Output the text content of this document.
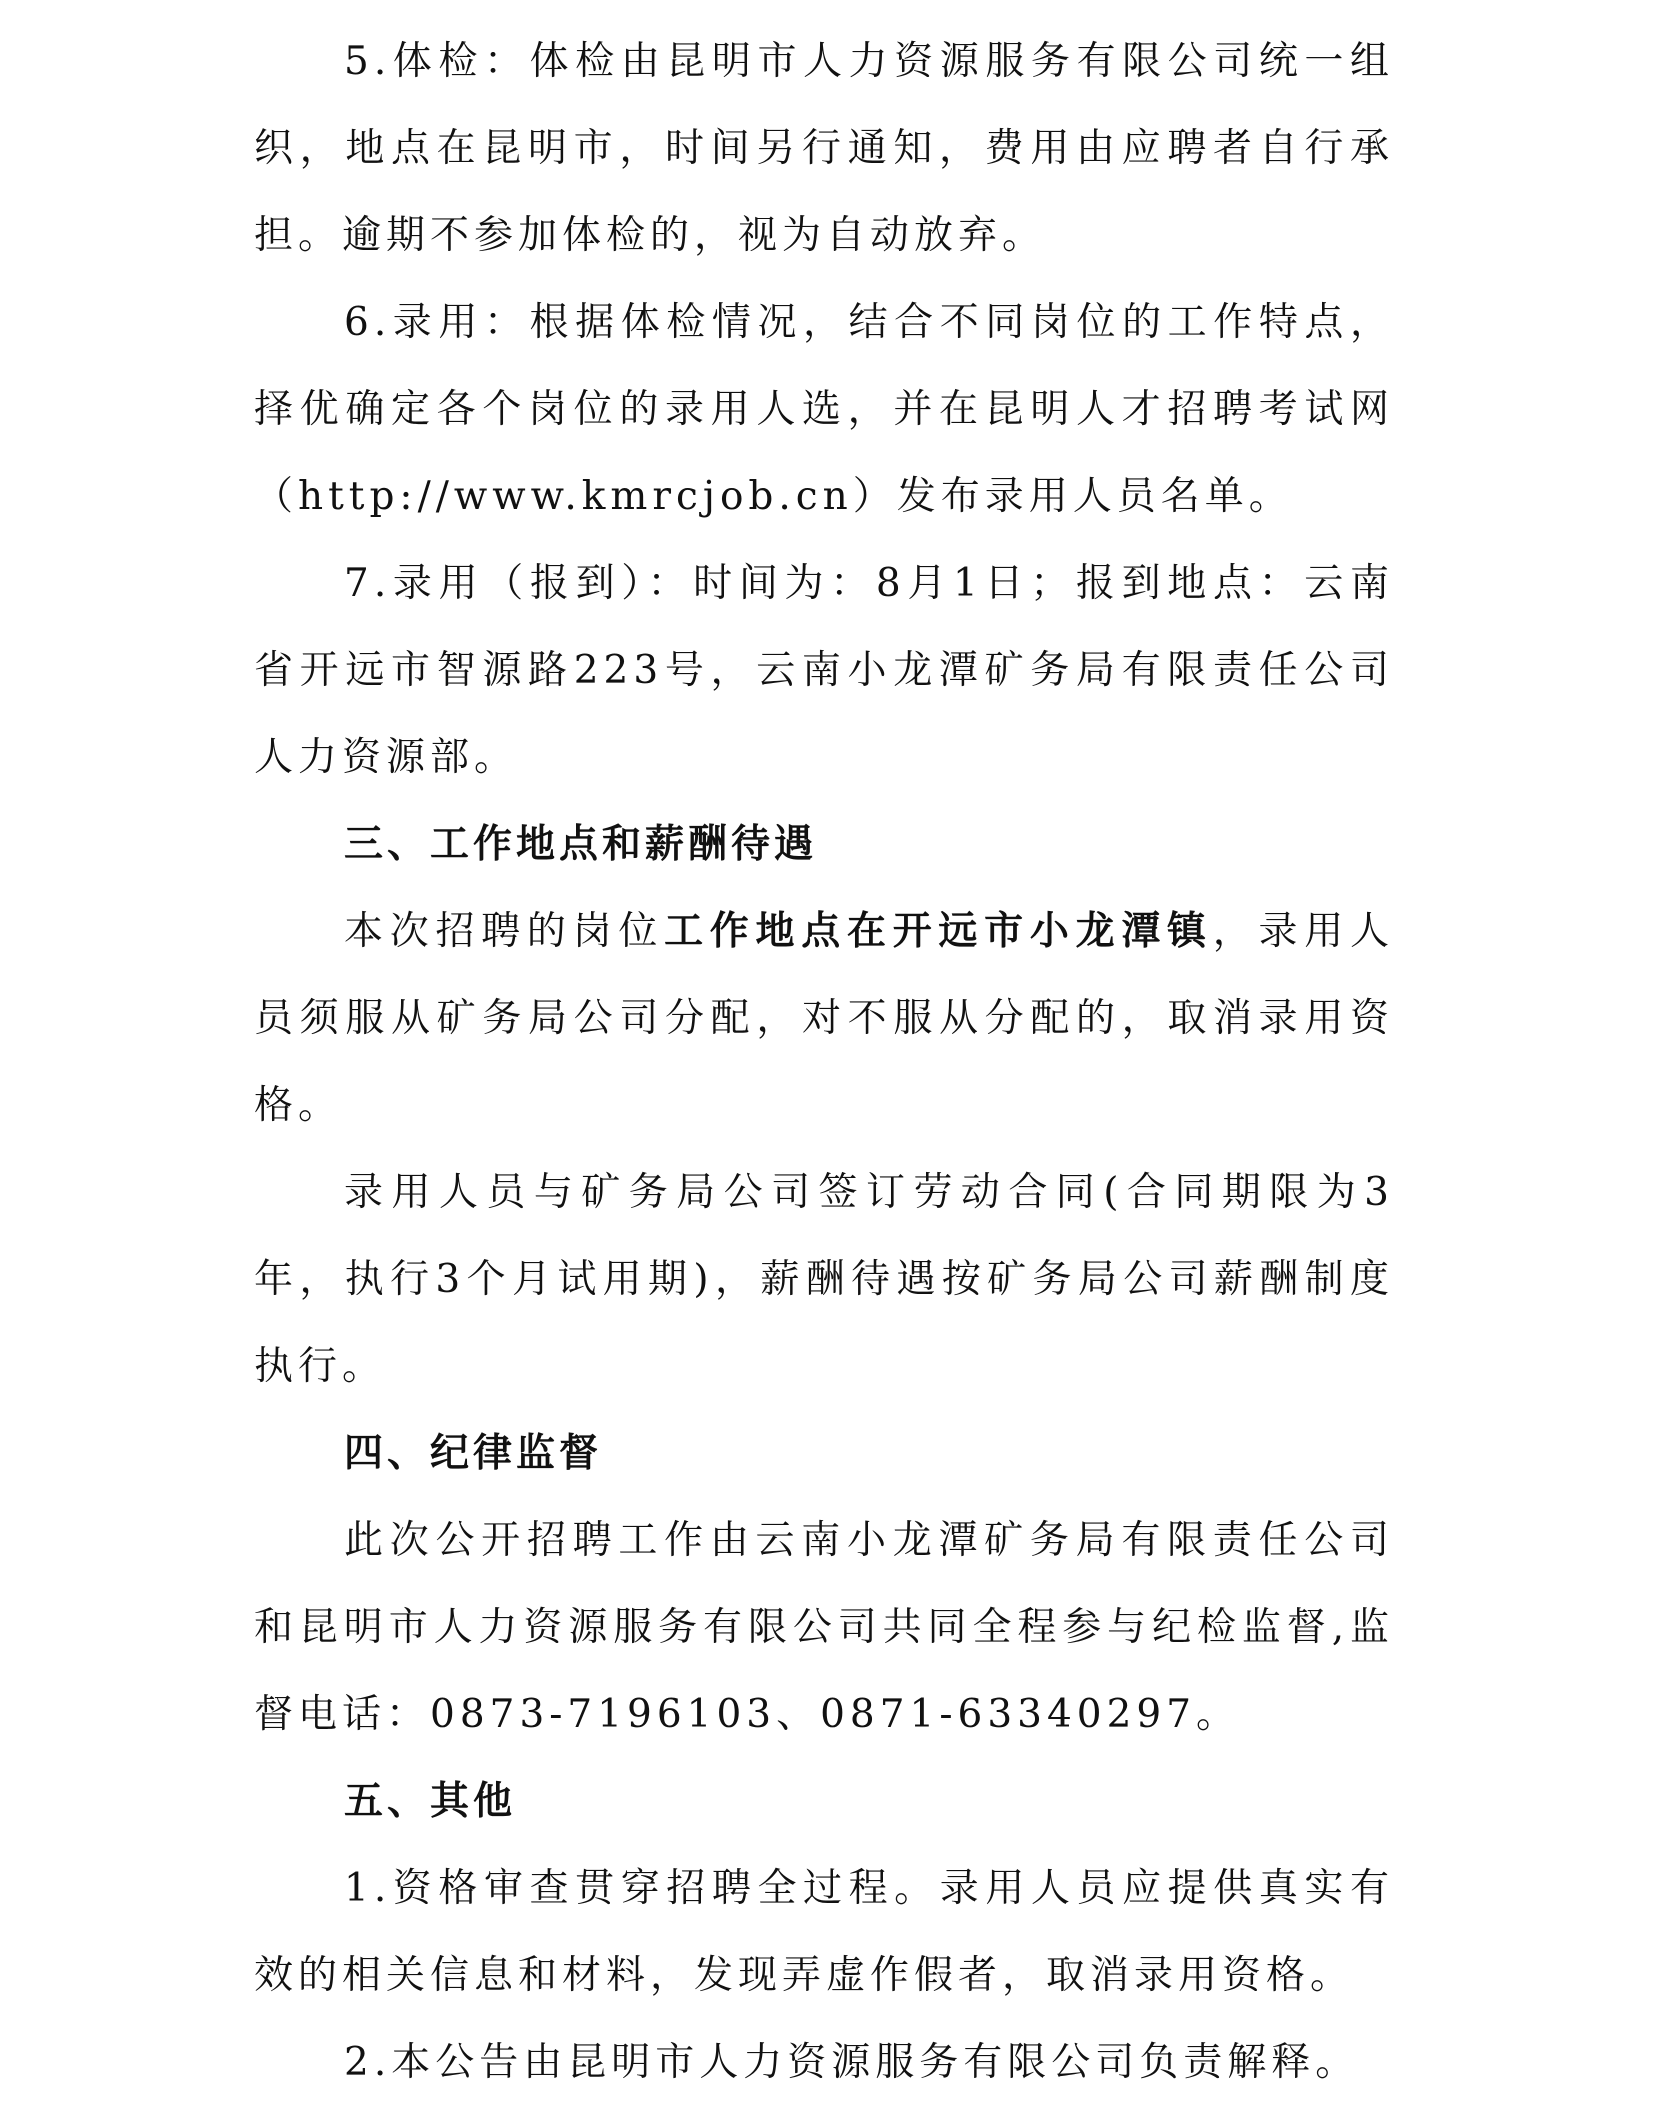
5.体检：体检由昆明市人力资源服务有限公司统一组织，地点在昆明市，时间另行通知，费用由应聘者自行承担。逾期不参加体检的，视为自动放弃。

6.录用：根据体检情况，结合不同岗位的工作特点，择优确定各个岗位的录用人选，并在昆明人才招聘考试网（http://www.kmrcjob.cn）发布录用人员名单。

7.录用（报到）：时间为：8月1日；报到地点：云南省开远市智源路223号，云南小龙潭矿务局有限责任公司人力资源部。

三、工作地点和薪酬待遇

本次招聘的岗位工作地点在开远市小龙潭镇，录用人员须服从矿务局公司分配，对不服从分配的，取消录用资格。

录用人员与矿务局公司签订劳动合同(合同期限为3年，执行3个月试用期)，薪酬待遇按矿务局公司薪酬制度执行。

四、纪律监督

此次公开招聘工作由云南小龙潭矿务局有限责任公司和昆明市人力资源服务有限公司共同全程参与纪检监督,监督电话：0873-7196103、0871-63340297。

五、其他

1.资格审查贯穿招聘全过程。录用人员应提供真实有效的相关信息和材料，发现弄虚作假者，取消录用资格。

2.本公告由昆明市人力资源服务有限公司负责解释。
